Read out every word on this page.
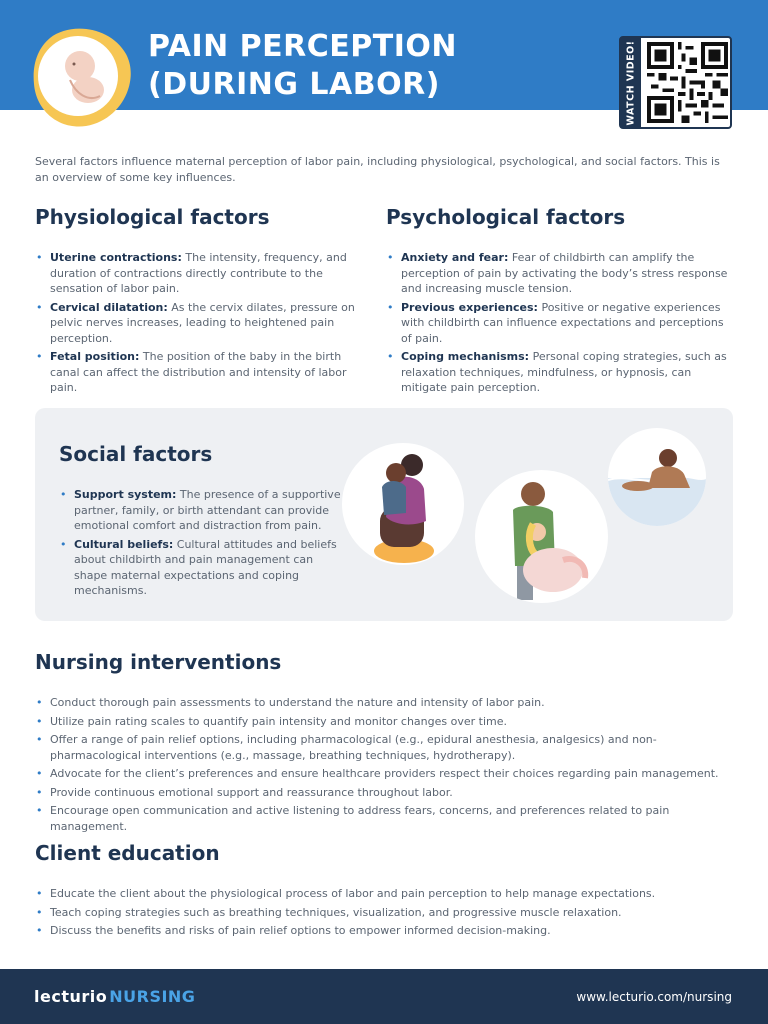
PAIN PERCEPTION
(DURING LABOR)	WATCH VIDEO!
Several factors influence maternal perception of labor pain, including physiological, psychological, and social factors. This is an overview of some key influences.
Physiological factors
• Uterine contractions: The intensity, frequency, and duration of contractions directly contribute to the sensation of labor pain.
• Cervical dilatation: As the cervix dilates, pressure on pelvic nerves increases, leading to heightened pain perception.
• Fetal position: The position of the baby in the birth canal can affect the distribution and intensity of labor pain.
Psychological factors
• Anxiety and fear: Fear of childbirth can amplify the perception of pain by activating the body’s stress response and increasing muscle tension.
• Previous experiences: Positive or negative experiences with childbirth can influence expectations and perceptions of pain.
• Coping mechanisms: Personal coping strategies, such as relaxation techniques, mindfulness, or hypnosis, can mitigate pain perception.
Social factors
• Support system: The presence of a supportive partner, family, or birth attendant can provide emotional comfort and distraction from pain.
• Cultural beliefs: Cultural attitudes and beliefs about childbirth and pain management can shape maternal expectations and coping mechanisms.
Nursing interventions
• Conduct thorough pain assessments to understand the nature and intensity of labor pain.
• Utilize pain rating scales to quantify pain intensity and monitor changes over time.
• Offer a range of pain relief options, including pharmacological (e.g., epidural anesthesia, analgesics) and non-pharmacological interventions (e.g., massage, breathing techniques, hydrotherapy).
• Advocate for the client’s preferences and ensure healthcare providers respect their choices regarding pain management.
• Provide continuous emotional support and reassurance throughout labor.
• Encourage open communication and active listening to address fears, concerns, and preferences related to pain management.
Client education
• Educate the client about the physiological process of labor and pain perception to help manage expectations.
• Teach coping strategies such as breathing techniques, visualization, and progressive muscle relaxation.
• Discuss the benefits and risks of pain relief options to empower informed decision-making.
lecturio NURSING	www.lecturio.com/nursing
